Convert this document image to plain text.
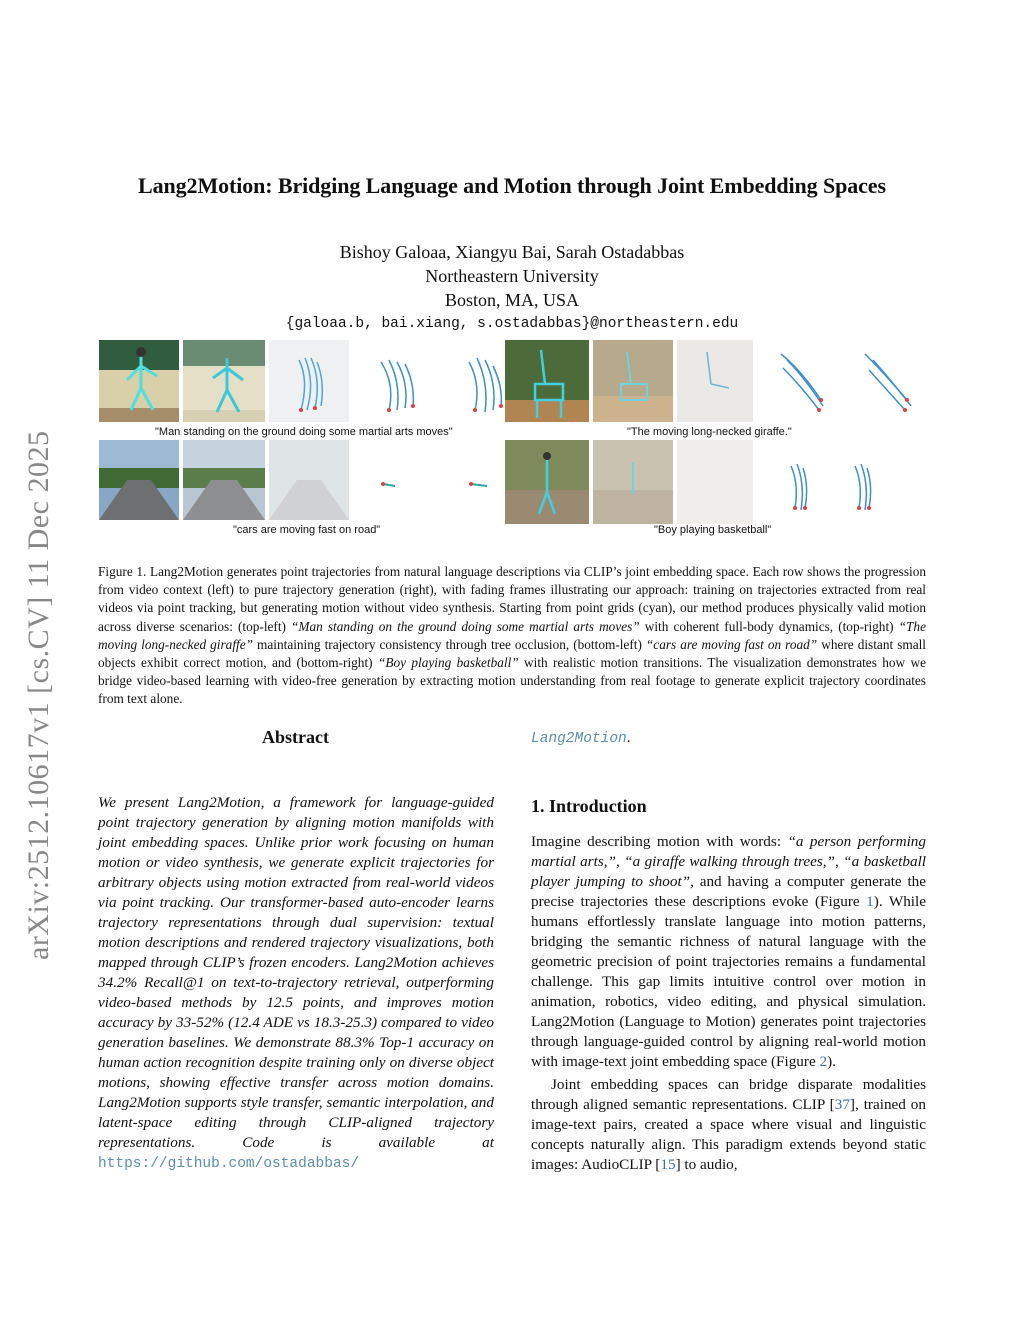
Lang2Motion: Bridging Language and Motion through Joint Embedding Spaces
Bishoy Galoaa, Xiangyu Bai, Sarah Ostadabbas
Northeastern University
Boston, MA, USA
{galoaa.b, bai.xiang, s.ostadabbas}@northeastern.edu
arXiv:2512.10617v1 [cs.CV] 11 Dec 2025	"Man standing on the ground doing some martial arts moves"	"The moving long-necked giraffe."
"cars are moving fast on road"	"Boy playing basketball"
Figure 1. Lang2Motion generates point trajectories from natural language descriptions via CLIP’s joint embedding space. Each row shows the progression from video context (left) to pure trajectory generation (right), with fading frames illustrating our approach: training on trajectories extracted from real videos via point tracking, but generating motion without video synthesis. Starting from point grids (cyan), our method produces physically valid motion across diverse scenarios: (top-left) “Man standing on the ground doing some martial arts moves” with coherent full-body dynamics, (top-right) “The moving long-necked giraffe” maintaining trajectory consistency through tree occlusion, (bottom-left) “cars are moving fast on road” where distant small objects exhibit correct motion, and (bottom-right) “Boy playing basketball” with realistic motion transitions. The visualization demonstrates how we bridge video-based learning with video-free generation by extracting motion understanding from real footage to generate explicit trajectory coordinates from text alone.
Abstract
We present Lang2Motion, a framework for language-guided point trajectory generation by aligning motion manifolds with joint embedding spaces. Unlike prior work focusing on human motion or video synthesis, we generate explicit trajectories for arbitrary objects using motion extracted from real-world videos via point tracking. Our transformer-based auto-encoder learns trajectory representations through dual supervision: textual motion descriptions and rendered trajectory visualizations, both mapped through CLIP’s frozen encoders. Lang2Motion achieves 34.2% Recall@1 on text-to-trajectory retrieval, outperforming video-based methods by 12.5 points, and improves motion accuracy by 33-52% (12.4 ADE vs 18.3-25.3) compared to video generation baselines. We demonstrate 88.3% Top-1 accuracy on human action recognition despite training only on diverse object motions, showing effective transfer across motion domains. Lang2Motion supports style transfer, semantic interpolation, and latent-space editing through CLIP-aligned trajectory representations. Code is available at https://github.com/ostadabbas/
Lang2Motion.
1. Introduction

Imagine describing motion with words: “a person performing martial arts,”, “a giraffe walking through trees,”, “a basketball player jumping to shoot”, and having a computer generate the precise trajectories these descriptions evoke (Figure 1). While humans effortlessly translate language into motion patterns, bridging the semantic richness of natural language with the geometric precision of point trajectories remains a fundamental challenge. This gap limits intuitive control over motion in animation, robotics, video editing, and physical simulation. Lang2Motion (Language to Motion) generates point trajectories through language-guided control by aligning real-world motion with image-text joint embedding space (Figure 2).

Joint embedding spaces can bridge disparate modalities through aligned semantic representations. CLIP [37], trained on image-text pairs, created a space where visual and linguistic concepts naturally align. This paradigm extends beyond static images: AudioCLIP [15] to audio,
